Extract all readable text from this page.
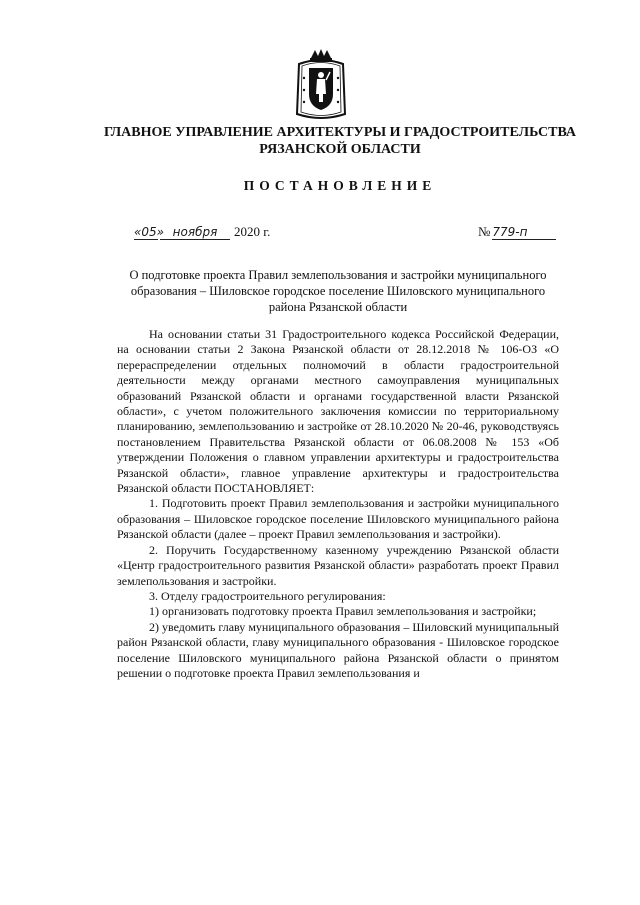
ГЛАВНОЕ УПРАВЛЕНИЕ АРХИТЕКТУРЫ И ГРАДОСТРОИТЕЛЬСТВА
РЯЗАНСКОЙ ОБЛАСТИ
ПОСТАНОВЛЕНИЕ
«05» ноября 2020 г.	№ 779-п
О подготовке проекта Правил землепользования и застройки муниципального
образования – Шиловское городское поселение Шиловского муниципального
района Рязанской области

На основании статьи 31 Градостроительного кодекса Российской Федерации, на основании статьи 2 Закона Рязанской области от 28.12.2018 № 106-ОЗ «О перераспределении отдельных полномочий в области градостроительной деятельности между органами местного самоуправления муниципальных образований Рязанской области и органами государственной власти Рязанской области», с учетом положительного заключения комиссии по территориальному планированию, землепользованию и застройке от 28.10.2020 № 20-46, руководствуясь постановлением Правительства Рязанской области от 06.08.2008 № 153 «Об утверждении Положения о главном управлении архитектуры и градостроительства Рязанской области», главное управление архитектуры и градостроительства Рязанской области ПОСТАНОВЛЯЕТ:

1. Подготовить проект Правил землепользования и застройки муниципального образования – Шиловское городское поселение Шиловского муниципального района Рязанской области (далее – проект Правил землепользования и застройки).

2. Поручить Государственному казенному учреждению Рязанской области «Центр градостроительного развития Рязанской области» разработать проект Правил землепользования и застройки.

3. Отделу градостроительного регулирования:

1) организовать подготовку проекта Правил землепользования и застройки;

2) уведомить главу муниципального образования – Шиловский муниципальный район Рязанской области, главу муниципального образования - Шиловское городское поселение Шиловского муниципального района Рязанской области о принятом решении о подготовке проекта Правил землепользования и
